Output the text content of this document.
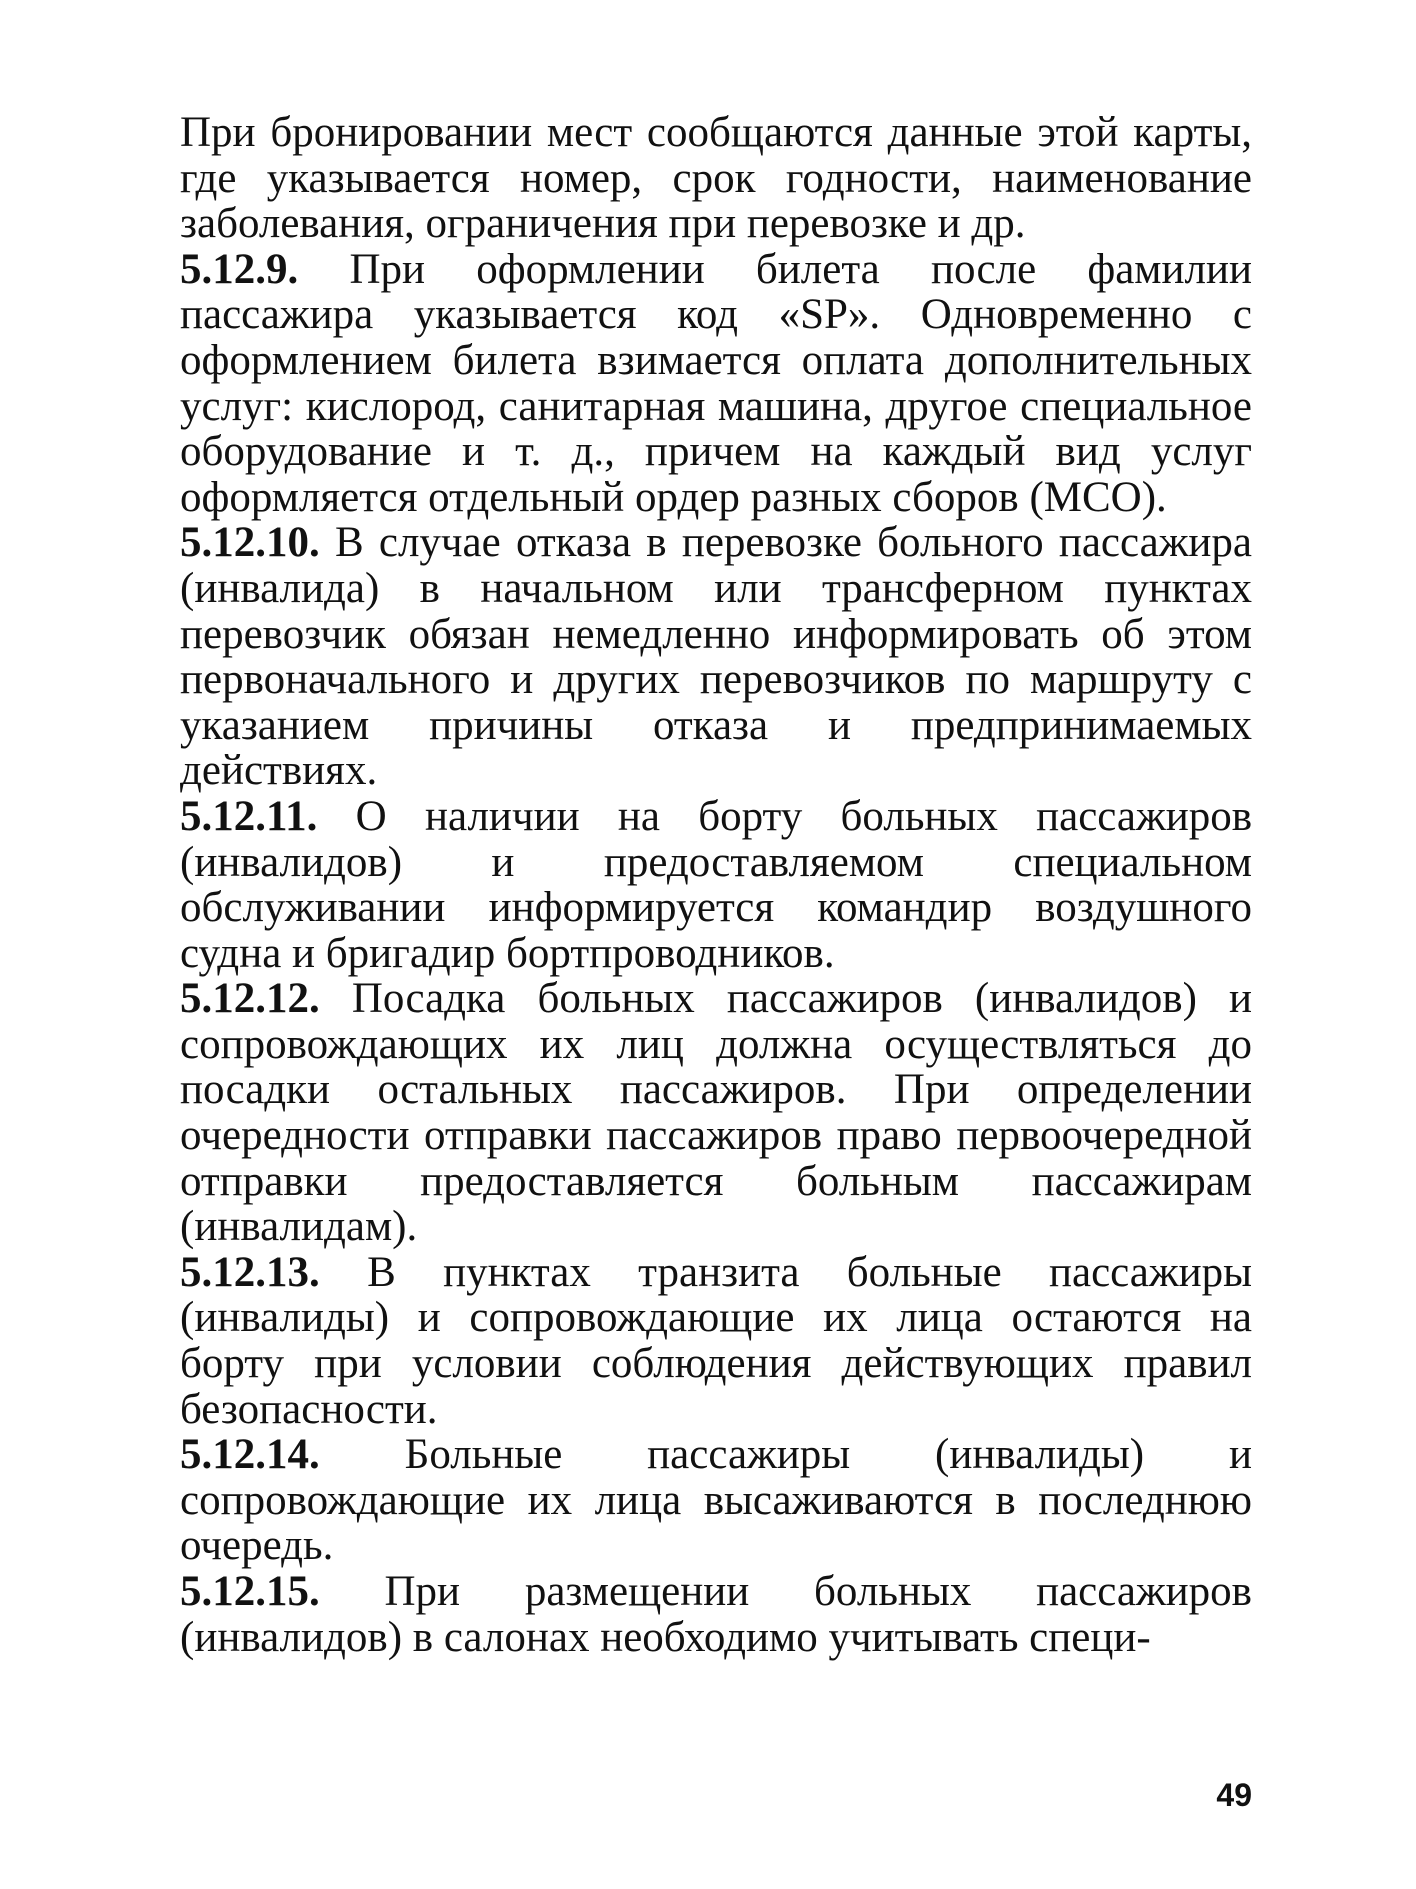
При бронировании мест сообщаются данные этой карты, где указывается номер, срок годности, наименование заболевания, ограничения при перевозке и др.

5.12.9. При оформлении билета после фамилии пассажира указывается код «SP». Одновременно с оформлением билета взимается оплата дополнительных услуг: кислород, санитарная машина, другое специальное оборудование и т. д., причем на каждый вид услуг оформляется отдельный ордер разных сборов (МСО).

5.12.10. В случае отказа в перевозке больного пассажира (инвалида) в начальном или трансферном пунктах перевозчик обязан немедленно информировать об этом первоначального и других перевозчиков по маршруту с указанием причины отказа и предпринимаемых действиях.

5.12.11. О наличии на борту больных пассажиров (инвалидов) и предоставляемом специальном обслуживании информируется командир воздушного судна и бригадир бортпроводников.

5.12.12. Посадка больных пассажиров (инвалидов) и сопровождающих их лиц должна осуществляться до посадки остальных пассажиров. При определении очередности отправки пассажиров право первоочередной отправки предоставляется больным пассажирам (инвалидам).

5.12.13. В пунктах транзита больные пассажиры (инвалиды) и сопровождающие их лица остаются на борту при условии соблюдения действующих правил безопасности.

5.12.14. Больные пассажиры (инвалиды) и сопровождающие их лица высаживаются в последнюю очередь.

5.12.15. При размещении больных пассажиров (инвалидов) в салонах необходимо учитывать специ-

49
